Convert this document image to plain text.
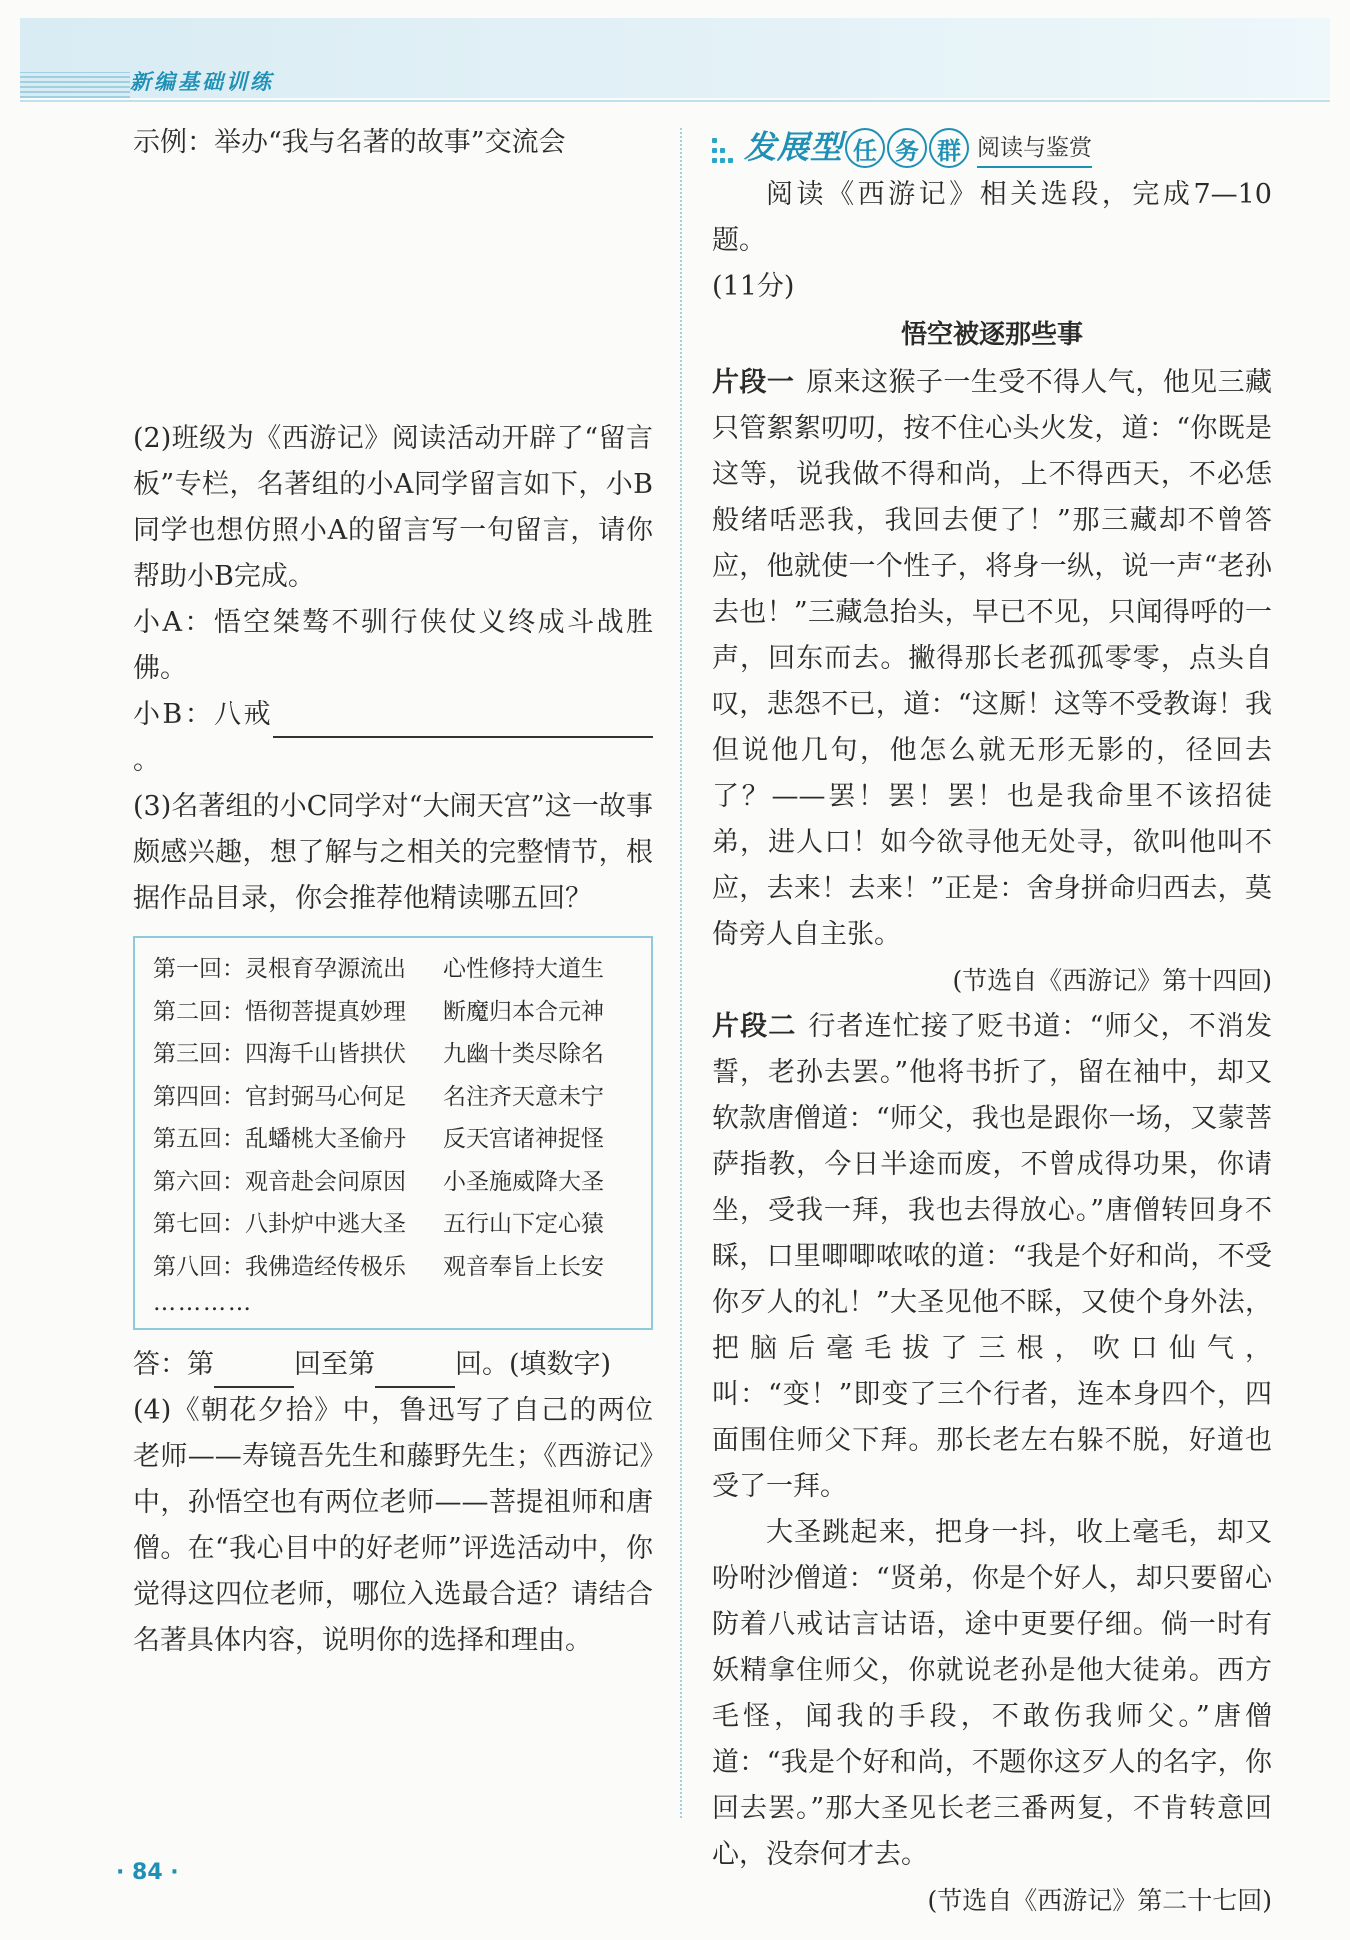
新编基础训练

示例：举办“我与名著的故事”交流会

(2)班级为《西游记》阅读活动开辟了“留言板”专栏，名著组的小A同学留言如下，小B同学也想仿照小A的留言写一句留言，请你帮助小B完成。

小A：悟空桀骜不驯行侠仗义终成斗战胜佛。

小B：八戒。

(3)名著组的小C同学对“大闹天宫”这一故事颇感兴趣，想了解与之相关的完整情节，根据作品目录，你会推荐他精读哪五回？

第一回：灵根育孕源流出	心性修持大道生
第二回：悟彻菩提真妙理	断魔归本合元神
第三回：四海千山皆拱伏	九幽十类尽除名
第四回：官封弼马心何足	名注齐天意未宁
第五回：乱蟠桃大圣偷丹	反天宫诸神捉怪
第六回：观音赴会问原因	小圣施威降大圣
第七回：八卦炉中逃大圣	五行山下定心猿
第八回：我佛造经传极乐	观音奉旨上长安
…………

答：第	回至第	回。(填数字)

(4)《朝花夕拾》中，鲁迅写了自己的两位老师——寿镜吾先生和藤野先生；《西游记》中，孙悟空也有两位老师——菩提祖师和唐僧。在“我心目中的好老师”评选活动中，你觉得这四位老师，哪位入选最合适？请结合名著具体内容，说明你的选择和理由。

发展型 任 务 群 阅读与鉴赏

阅读《西游记》相关选段，完成7—10题。

(11分)

悟空被逐那些事

片段一 原来这猴子一生受不得人气，他见三藏只管絮絮叨叨，按不住心头火发，道：“你既是这等，说我做不得和尚，上不得西天，不必恁般绪咶恶我，我回去便了！”那三藏却不曾答应，他就使一个性子，将身一纵，说一声“老孙去也！”三藏急抬头，早已不见，只闻得呼的一声，回东而去。撇得那长老孤孤零零，点头自叹，悲怨不已，道：“这厮！这等不受教诲！我但说他几句，他怎么就无形无影的，径回去了？——罢！罢！罢！也是我命里不该招徒弟，进人口！如今欲寻他无处寻，欲叫他叫不应，去来！去来！”正是：舍身拼命归西去，莫倚旁人自主张。

(节选自《西游记》第十四回)

片段二 行者连忙接了贬书道：“师父，不消发誓，老孙去罢。”他将书折了，留在袖中，却又软款唐僧道：“师父，我也是跟你一场，又蒙菩萨指教，今日半途而废，不曾成得功果，你请坐，受我一拜，我也去得放心。”唐僧转回身不睬，口里唧唧哝哝的道：“我是个好和尚，不受你歹人的礼！”大圣见他不睬，又使个身外法，把脑后毫毛拔了三根，吹口仙气，叫：“变！”即变了三个行者，连本身四个，四面围住师父下拜。那长老左右躲不脱，好道也受了一拜。

大圣跳起来，把身一抖，收上毫毛，却又吩咐沙僧道：“贤弟，你是个好人，却只要留心防着八戒诂言诂语，途中更要仔细。倘一时有妖精拿住师父，你就说老孙是他大徒弟。西方毛怪，闻我的手段，不敢伤我师父。”唐僧道：“我是个好和尚，不题你这歹人的名字，你回去罢。”那大圣见长老三番两复，不肯转意回心，没奈何才去。

(节选自《西游记》第二十七回)

· 84 ·
